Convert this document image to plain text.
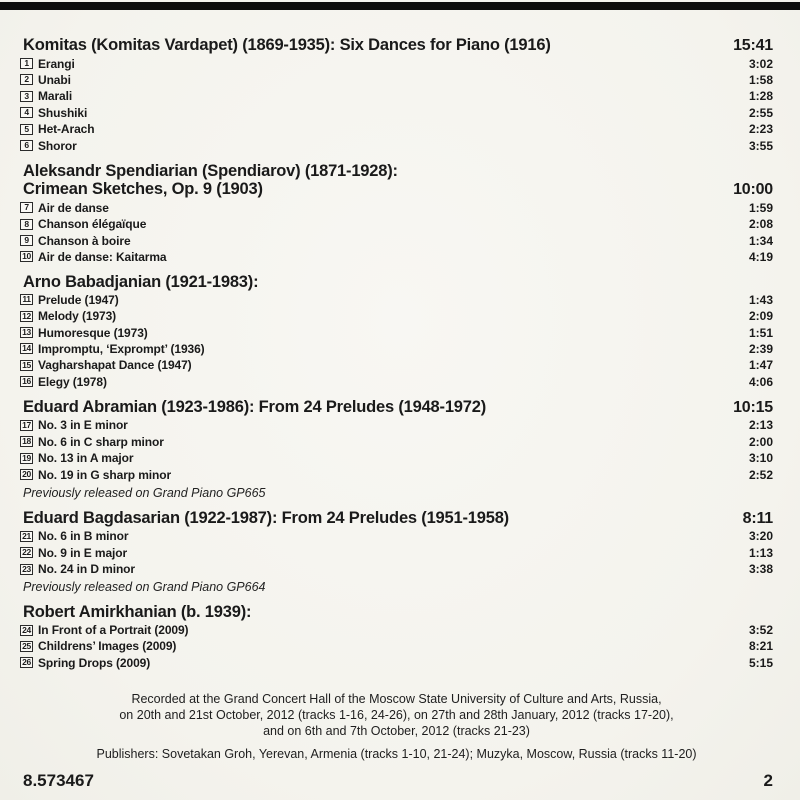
Komitas (Komitas Vardapet) (1869-1935): Six Dances for Piano (1916)	15:41
1 Erangi	3:02
2 Unabi	1:58
3 Marali	1:28
4 Shushiki	2:55
5 Het-Arach	2:23
6 Shoror	3:55
Aleksandr Spendiarian (Spendiarov) (1871-1928):
Crimean Sketches, Op. 9 (1903)	10:00
7 Air de danse	1:59
8 Chanson élégaïque	2:08
9 Chanson à boire	1:34
10 Air de danse: Kaitarma	4:19
Arno Babadjanian (1921-1983):
11 Prelude (1947)	1:43
12 Melody (1973)	2:09
13 Humoresque (1973)	1:51
14 Impromptu, ‘Exprompt’ (1936)	2:39
15 Vagharshapat Dance (1947)	1:47
16 Elegy (1978)	4:06
Eduard Abramian (1923-1986): From 24 Preludes (1948-1972)	10:15
17 No. 3 in E minor	2:13
18 No. 6 in C sharp minor	2:00
19 No. 13 in A major	3:10
20 No. 19 in G sharp minor	2:52
Previously released on Grand Piano GP665
Eduard Bagdasarian (1922-1987): From 24 Preludes (1951-1958)	8:11
21 No. 6 in B minor	3:20
22 No. 9 in E major	1:13
23 No. 24 in D minor	3:38
Previously released on Grand Piano GP664
Robert Amirkhanian (b. 1939):
24 In Front of a Portrait (2009)	3:52
25 Childrens’ Images (2009)	8:21
26 Spring Drops (2009)	5:15
Recorded at the Grand Concert Hall of the Moscow State University of Culture and Arts, Russia,
on 20th and 21st October, 2012 (tracks 1-16, 24-26), on 27th and 28th January, 2012 (tracks 17-20),
and on 6th and 7th October, 2012 (tracks 21-23)
Publishers: Sovetakan Groh, Yerevan, Armenia (tracks 1-10, 21-24); Muzyka, Moscow, Russia (tracks 11-20)
8.573467	2
